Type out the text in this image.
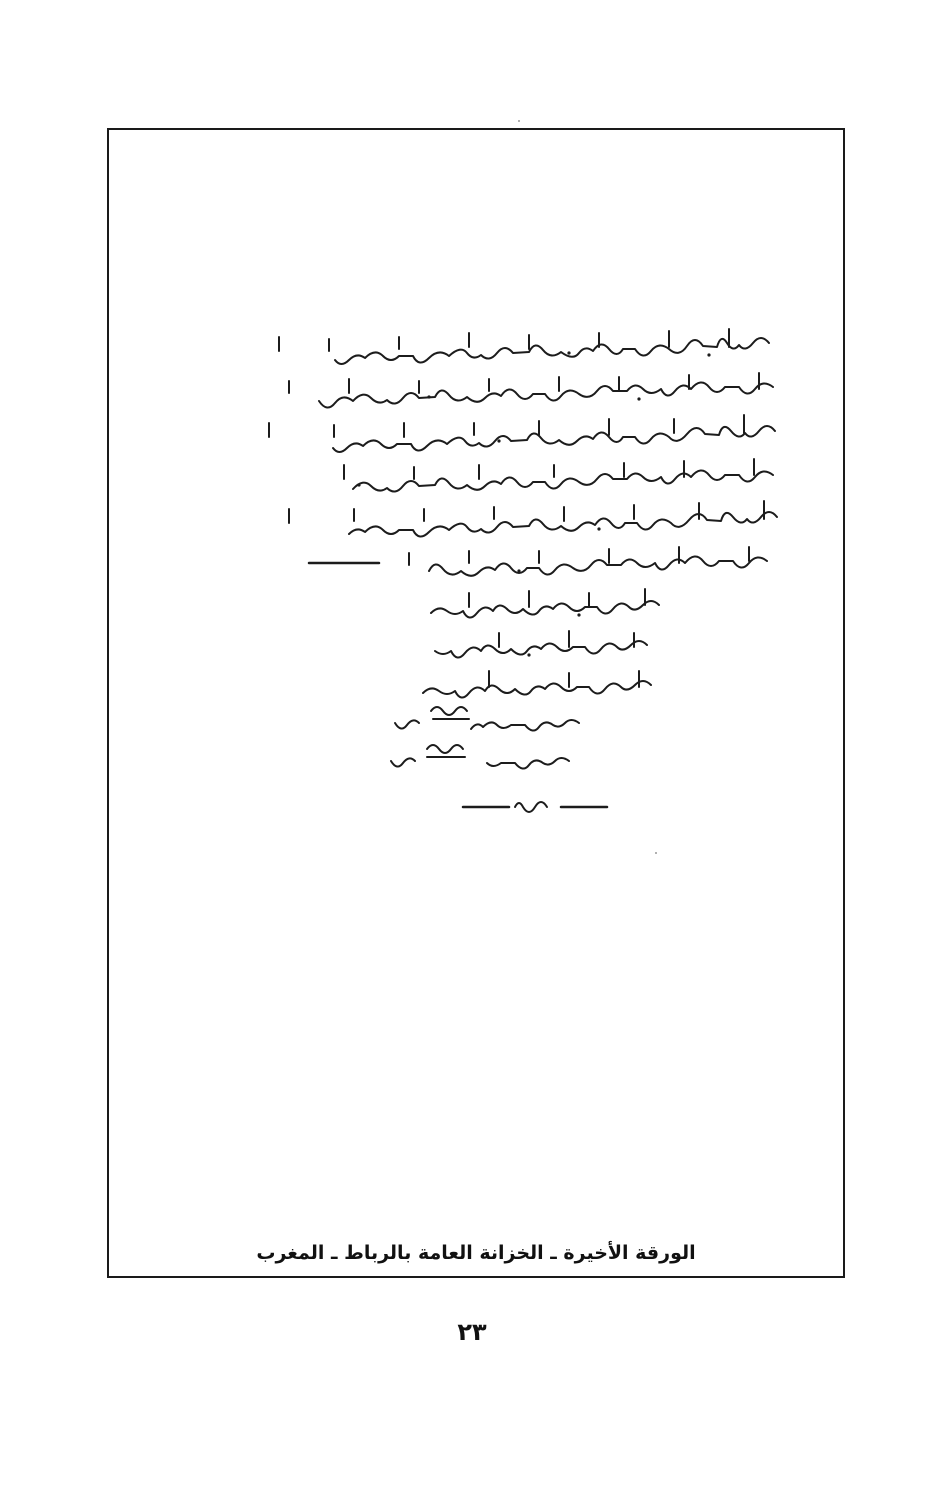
الورقة الأخيرة ـ الخزانة العامة بالرباط ـ المغرب
٢٣
